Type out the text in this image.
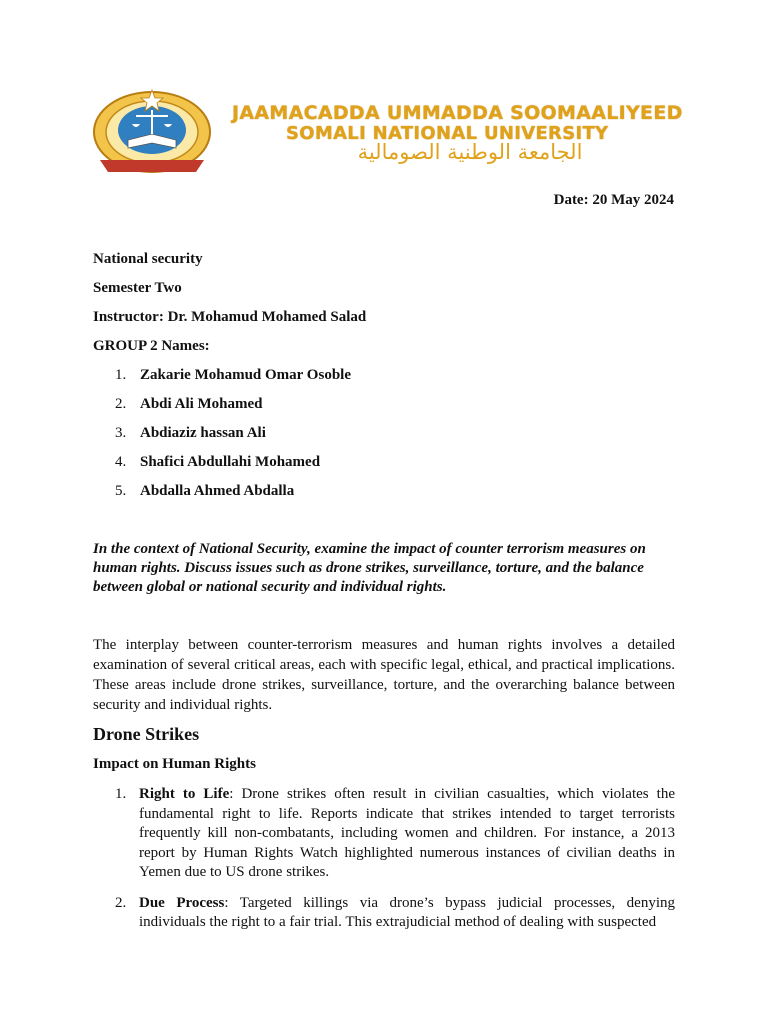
JAAMACADDA UMMADDA SOOMAALIYEED
SOMALI NATIONAL UNIVERSITY
الجامعة الوطنية الصومالية
Date: 20 May 2024
National security
Semester Two
Instructor: Dr. Mohamud Mohamed Salad
GROUP 2 Names:
1. Zakarie Mohamud Omar Osoble
2. Abdi Ali Mohamed
3. Abdiaziz hassan Ali
4. Shafici Abdullahi Mohamed
5. Abdalla Ahmed Abdalla
In the context of National Security, examine the impact of counter terrorism measures on human rights. Discuss issues such as drone strikes, surveillance, torture, and the balance between global or national security and individual rights.
The interplay between counter-terrorism measures and human rights involves a detailed examination of several critical areas, each with specific legal, ethical, and practical implications. These areas include drone strikes, surveillance, torture, and the overarching balance between security and individual rights.
Drone Strikes
Impact on Human Rights
1. Right to Life: Drone strikes often result in civilian casualties, which violates the fundamental right to life. Reports indicate that strikes intended to target terrorists frequently kill non-combatants, including women and children. For instance, a 2013 report by Human Rights Watch highlighted numerous instances of civilian deaths in Yemen due to US drone strikes.
2. Due Process: Targeted killings via drone’s bypass judicial processes, denying individuals the right to a fair trial. This extrajudicial method of dealing with suspected
